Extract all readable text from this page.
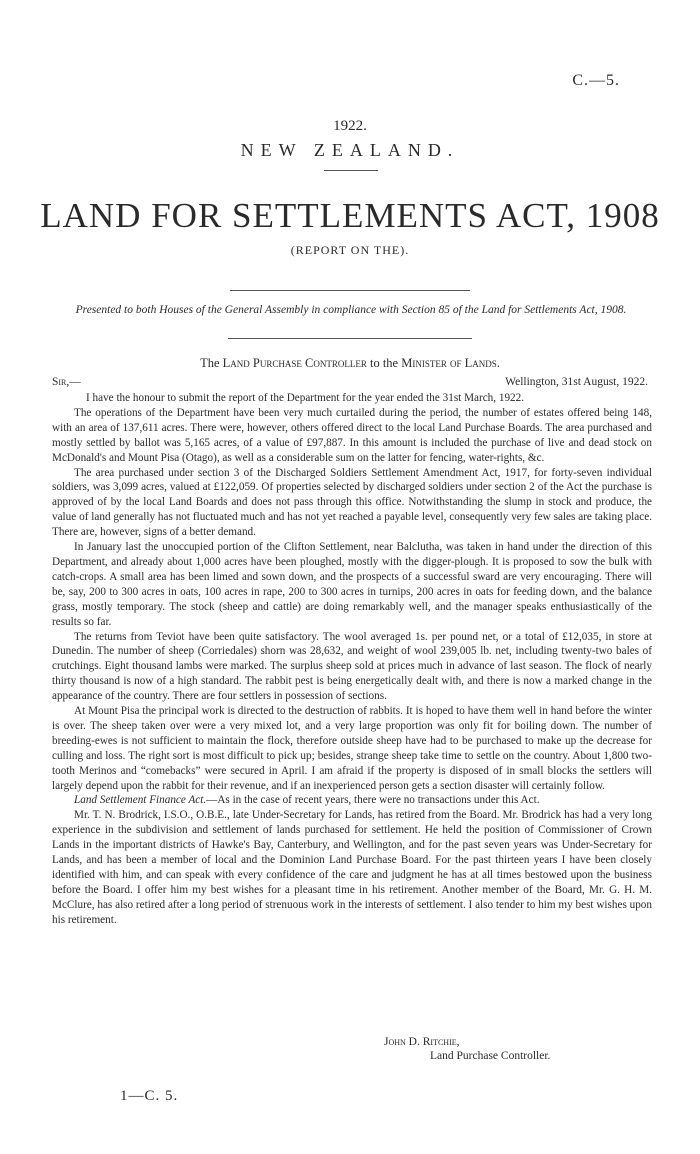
C.—5.
1922.
NEW ZEALAND.
LAND FOR SETTLEMENTS ACT, 1908
(REPORT ON THE).
Presented to both Houses of the General Assembly in compliance with Section 85 of the Land for Settlements Act, 1908.
The Land Purchase Controller to the Minister of Lands.
Sir,—	Wellington, 31st August, 1922.

I have the honour to submit the report of the Department for the year ended the 31st March, 1922.

The operations of the Department have been very much curtailed during the period, the number of estates offered being 148, with an area of 137,611 acres. There were, however, others offered direct to the local Land Purchase Boards. The area purchased and mostly settled by ballot was 5,165 acres, of a value of £97,887. In this amount is included the purchase of live and dead stock on McDonald's and Mount Pisa (Otago), as well as a considerable sum on the latter for fencing, water-rights, &c.

The area purchased under section 3 of the Discharged Soldiers Settlement Amendment Act, 1917, for forty-seven individual soldiers, was 3,099 acres, valued at £122,059. Of properties selected by discharged soldiers under section 2 of the Act the purchase is approved of by the local Land Boards and does not pass through this office. Notwithstanding the slump in stock and produce, the value of land generally has not fluctuated much and has not yet reached a payable level, consequently very few sales are taking place. There are, however, signs of a better demand.

In January last the unoccupied portion of the Clifton Settlement, near Balclutha, was taken in hand under the direction of this Department, and already about 1,000 acres have been ploughed, mostly with the digger-plough. It is proposed to sow the bulk with catch-crops. A small area has been limed and sown down, and the prospects of a successful sward are very encouraging. There will be, say, 200 to 300 acres in oats, 100 acres in rape, 200 to 300 acres in turnips, 200 acres in oats for feeding down, and the balance grass, mostly temporary. The stock (sheep and cattle) are doing remarkably well, and the manager speaks enthusiastically of the results so far.

The returns from Teviot have been quite satisfactory. The wool averaged 1s. per pound net, or a total of £12,035, in store at Dunedin. The number of sheep (Corriedales) shorn was 28,632, and weight of wool 239,005 lb. net, including twenty-two bales of crutchings. Eight thousand lambs were marked. The surplus sheep sold at prices much in advance of last season. The flock of nearly thirty thousand is now of a high standard. The rabbit pest is being energetically dealt with, and there is now a marked change in the appearance of the country. There are four settlers in possession of sections.

At Mount Pisa the principal work is directed to the destruction of rabbits. It is hoped to have them well in hand before the winter is over. The sheep taken over were a very mixed lot, and a very large proportion was only fit for boiling down. The number of breeding-ewes is not sufficient to maintain the flock, therefore outside sheep have had to be purchased to make up the decrease for culling and loss. The right sort is most difficult to pick up; besides, strange sheep take time to settle on the country. About 1,800 two-tooth Merinos and “comebacks” were secured in April. I am afraid if the property is disposed of in small blocks the settlers will largely depend upon the rabbit for their revenue, and if an inexperienced person gets a section disaster will certainly follow.

Land Settlement Finance Act.—As in the case of recent years, there were no transactions under this Act.

Mr. T. N. Brodrick, I.S.O., O.B.E., late Under-Secretary for Lands, has retired from the Board. Mr. Brodrick has had a very long experience in the subdivision and settlement of lands purchased for settlement. He held the position of Commissioner of Crown Lands in the important districts of Hawke's Bay, Canterbury, and Wellington, and for the past seven years was Under-Secretary for Lands, and has been a member of local and the Dominion Land Purchase Board. For the past thirteen years I have been closely identified with him, and can speak with every confidence of the care and judgment he has at all times bestowed upon the business before the Board. I offer him my best wishes for a pleasant time in his retirement. Another member of the Board, Mr. G. H. M. McClure, has also retired after a long period of strenuous work in the interests of settlement. I also tender to him my best wishes upon his retirement.

John D. Ritchie,
Land Purchase Controller.
1—C. 5.
